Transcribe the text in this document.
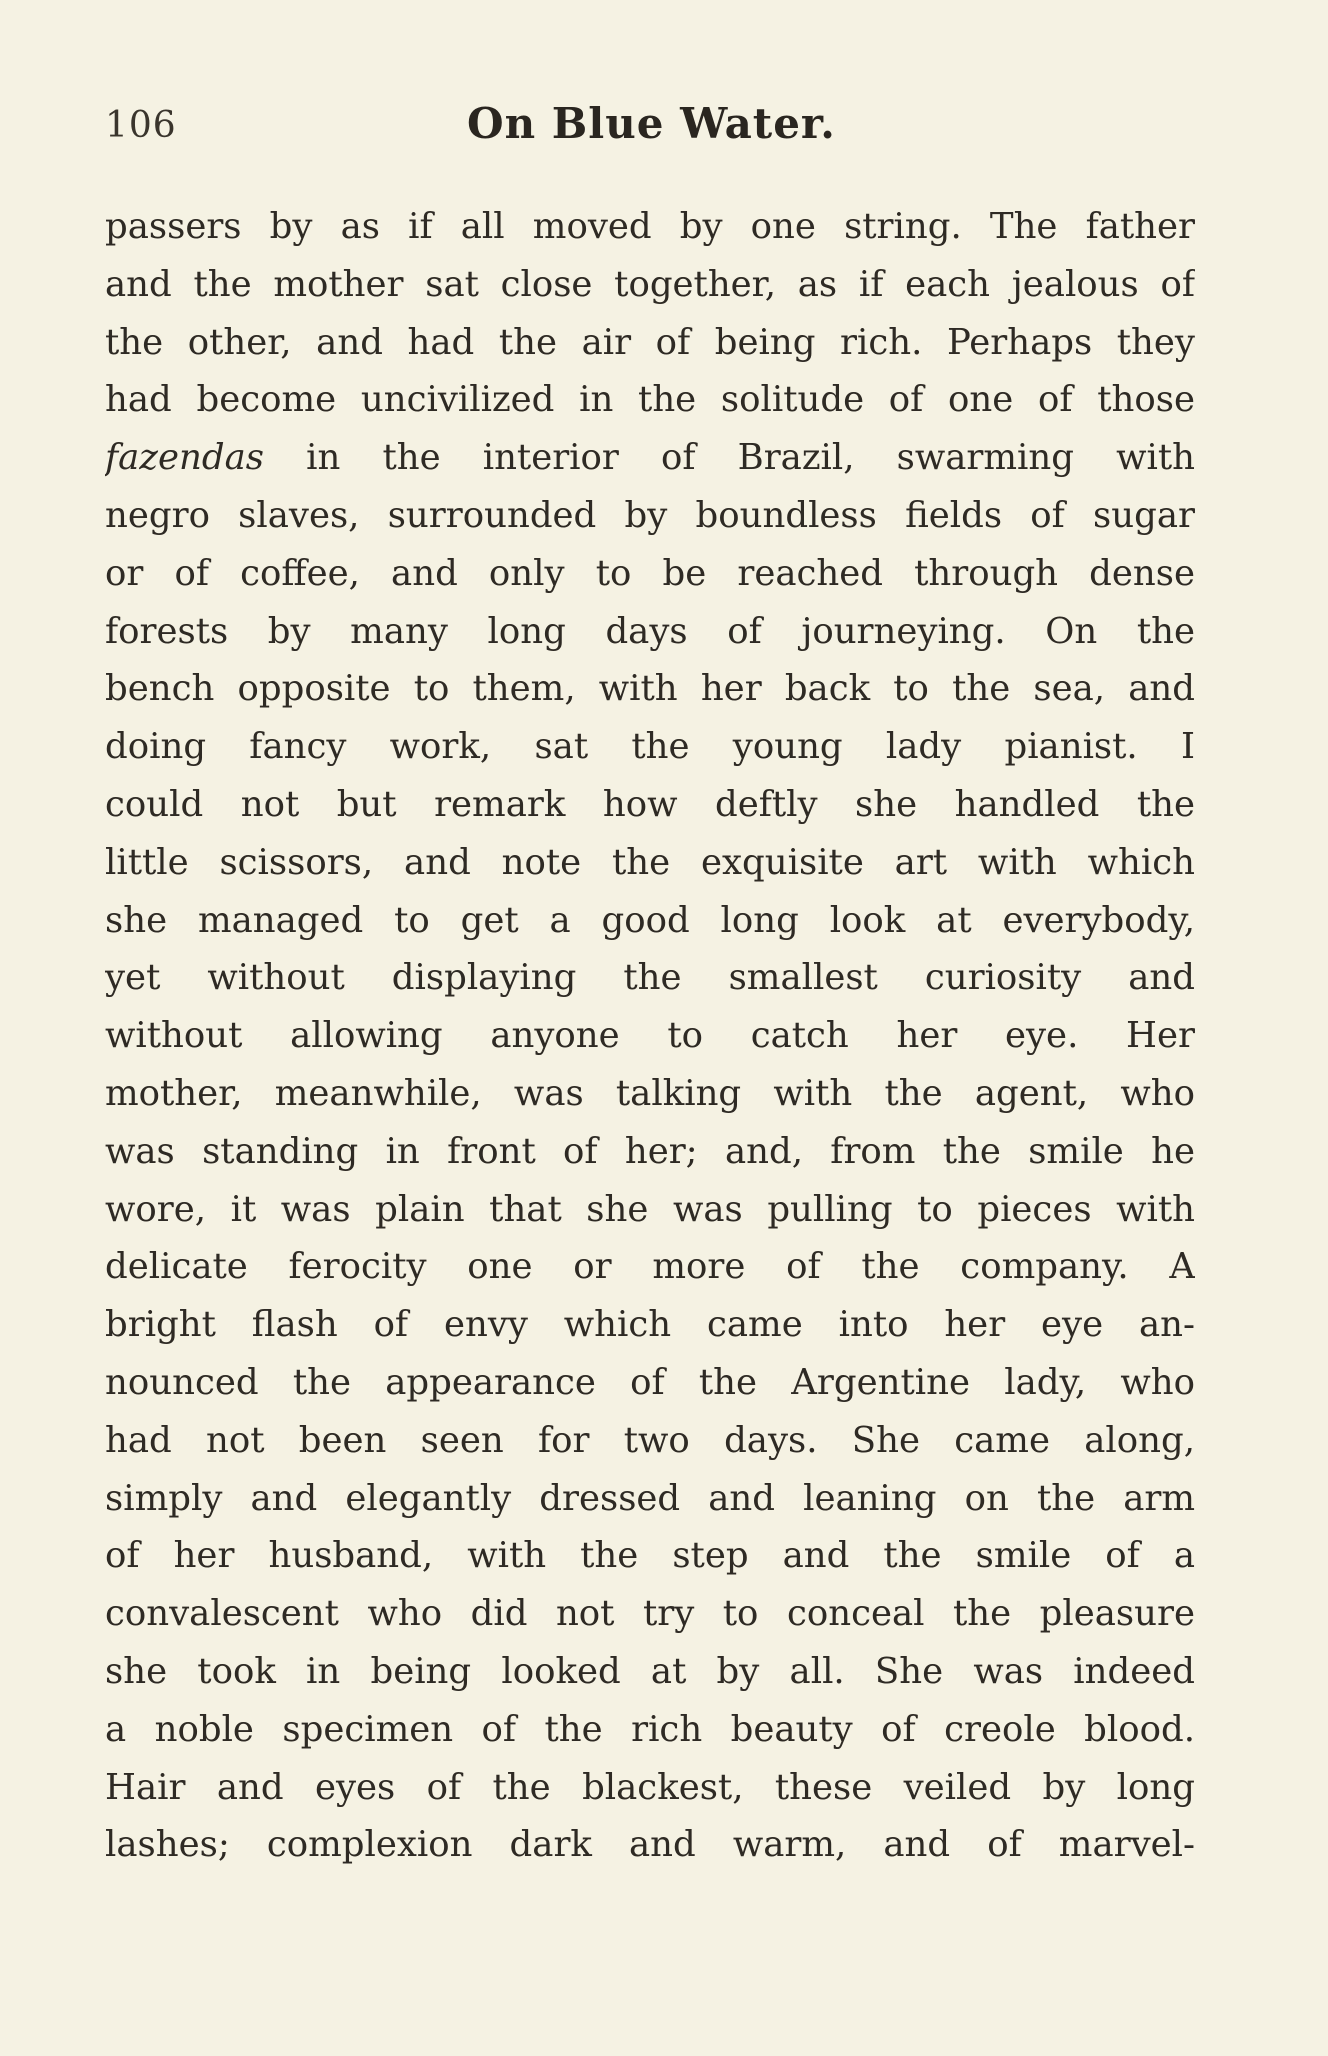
106	On Blue Water.
passers by as if all moved by one string. The father
and the mother sat close together, as if each jealous of
the other, and had the air of being rich. Perhaps they
had become uncivilized in the solitude of one of those
fazendas in the interior of Brazil, swarming with
negro slaves, surrounded by boundless fields of sugar
or of coffee, and only to be reached through dense
forests by many long days of journeying. On the
bench opposite to them, with her back to the sea, and
doing fancy work, sat the young lady pianist. I
could not but remark how deftly she handled the
little scissors, and note the exquisite art with which
she managed to get a good long look at everybody,
yet without displaying the smallest curiosity and
without allowing anyone to catch her eye. Her
mother, meanwhile, was talking with the agent, who
was standing in front of her; and, from the smile he
wore, it was plain that she was pulling to pieces with
delicate ferocity one or more of the company. A
bright flash of envy which came into her eye an-
nounced the appearance of the Argentine lady, who
had not been seen for two days. She came along,
simply and elegantly dressed and leaning on the arm
of her husband, with the step and the smile of a
convalescent who did not try to conceal the pleasure
she took in being looked at by all. She was indeed
a noble specimen of the rich beauty of creole blood.
Hair and eyes of the blackest, these veiled by long
lashes; complexion dark and warm, and of marvel-
